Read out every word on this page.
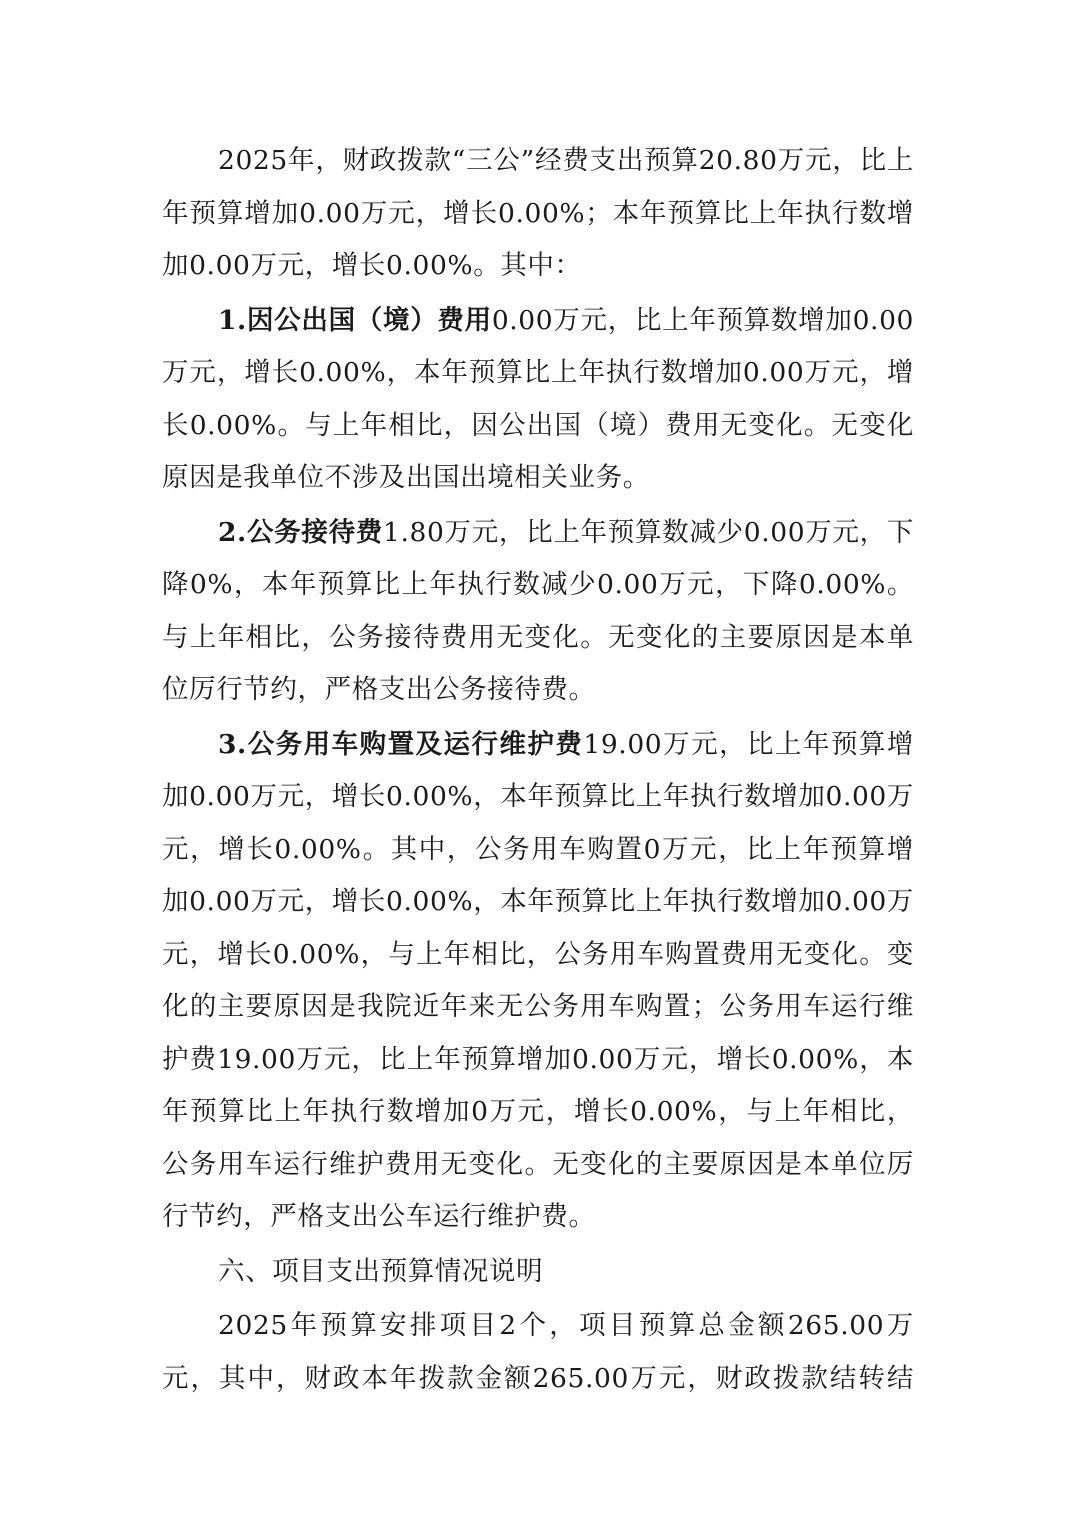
2025年，财政拨款“三公”经费支出预算20.80万元，比上年预算增加0.00万元，增长0.00%；本年预算比上年执行数增加0.00万元，增长0.00%。其中：

1.因公出国（境）费用0.00万元，比上年预算数增加0.00万元，增长0.00%，本年预算比上年执行数增加0.00万元，增长0.00%。与上年相比，因公出国（境）费用无变化。无变化原因是我单位不涉及出国出境相关业务。

2.公务接待费1.80万元，比上年预算数减少0.00万元，下降0%，本年预算比上年执行数减少0.00万元，下降0.00%。与上年相比，公务接待费用无变化。无变化的主要原因是本单位厉行节约，严格支出公务接待费。

3.公务用车购置及运行维护费19.00万元，比上年预算增加0.00万元，增长0.00%，本年预算比上年执行数增加0.00万元，增长0.00%。其中，公务用车购置0万元，比上年预算增加0.00万元，增长0.00%，本年预算比上年执行数增加0.00万元，增长0.00%，与上年相比，公务用车购置费用无变化。变化的主要原因是我院近年来无公务用车购置；公务用车运行维护费19.00万元，比上年预算增加0.00万元，增长0.00%，本年预算比上年执行数增加0万元，增长0.00%，与上年相比，公务用车运行维护费用无变化。无变化的主要原因是本单位厉行节约，严格支出公车运行维护费。

六、项目支出预算情况说明

2025年预算安排项目2个，项目预算总金额265.00万元，其中，财政本年拨款金额265.00万元，财政拨款结转结
